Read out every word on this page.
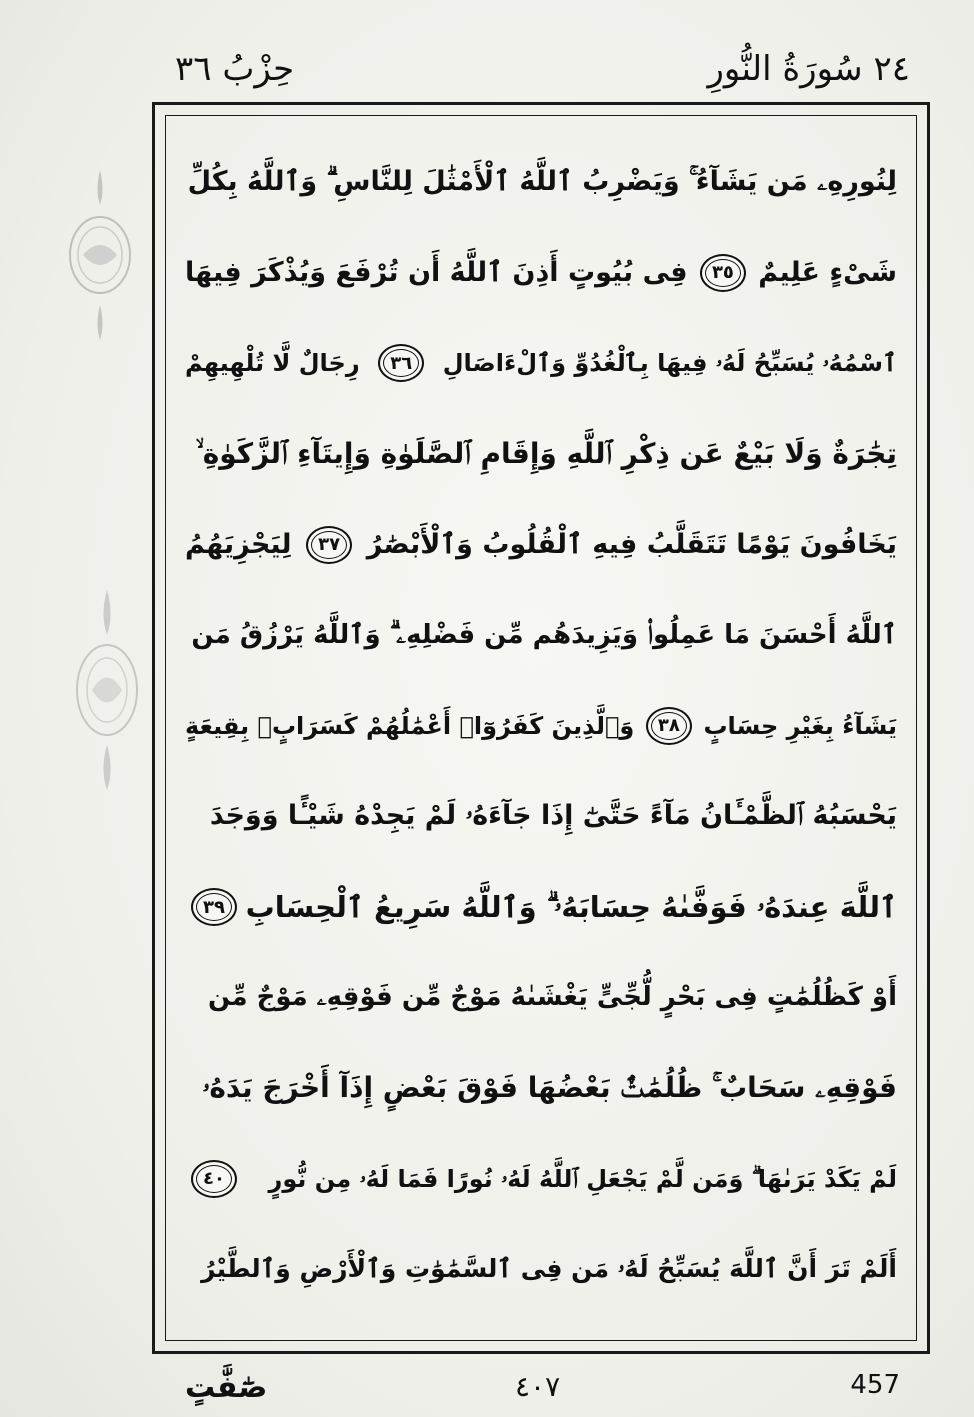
٢٤ سُورَةُ النُّورِ
حِزْبُ ٣٦
لِنُورِهِۦ مَن يَشَآءُ ۚ وَيَضْرِبُ ٱللَّهُ ٱلْأَمْثَٰلَ لِلنَّاسِ ۗ وَٱللَّهُ بِكُلِّ
شَىْءٍ عَلِيمٌ
٣٥
فِى بُيُوتٍ أَذِنَ ٱللَّهُ أَن تُرْفَعَ وَيُذْكَرَ فِيهَا
ٱسْمُهُۥ يُسَبِّحُ لَهُۥ فِيهَا بِٱلْغُدُوِّ وَٱلْءَاصَالِ
٣٦
رِجَالٌ لَّا تُلْهِيهِمْ
تِجَٰرَةٌ وَلَا بَيْعٌ عَن ذِكْرِ ٱللَّهِ وَإِقَامِ ٱلصَّلَوٰةِ وَإِيتَآءِ ٱلزَّكَوٰةِ ۙ
يَخَافُونَ يَوْمًا تَتَقَلَّبُ فِيهِ ٱلْقُلُوبُ وَٱلْأَبْصَٰرُ
٣٧
لِيَجْزِيَهُمُ
ٱللَّهُ أَحْسَنَ مَا عَمِلُوا۟ وَيَزِيدَهُم مِّن فَضْلِهِۦ ۗ وَٱللَّهُ يَرْزُقُ مَن
يَشَآءُ بِغَيْرِ حِسَابٍ
٣٨
وَٱلَّذِينَ كَفَرُوٓا۟ أَعْمَٰلُهُمْ كَسَرَابٍۭ بِقِيعَةٍ
يَحْسَبُهُ ٱلظَّمْـَٔانُ مَآءً حَتَّىٰٓ إِذَا جَآءَهُۥ لَمْ يَجِدْهُ شَيْـًٔا وَوَجَدَ
ٱللَّهَ عِندَهُۥ فَوَفَّىٰهُ حِسَابَهُۥ ۗ وَٱللَّهُ سَرِيعُ ٱلْحِسَابِ
٣٩
أَوْ كَظُلُمَٰتٍ فِى بَحْرٍ لُّجِّىٍّ يَغْشَىٰهُ مَوْجٌ مِّن فَوْقِهِۦ مَوْجٌ مِّن
فَوْقِهِۦ سَحَابٌ ۚ ظُلُمَٰتٌۢ بَعْضُهَا فَوْقَ بَعْضٍ إِذَآ أَخْرَجَ يَدَهُۥ
لَمْ يَكَدْ يَرَىٰهَا ۗ وَمَن لَّمْ يَجْعَلِ ٱللَّهُ لَهُۥ نُورًا فَمَا لَهُۥ مِن نُّورٍ
٤٠
أَلَمْ تَرَ أَنَّ ٱللَّهَ يُسَبِّحُ لَهُۥ مَن فِى ٱلسَّمَٰوَٰتِ وَٱلْأَرْضِ وَٱلطَّيْرُ
صَٰٓفَّٰتٍ	٤٠٧	457
